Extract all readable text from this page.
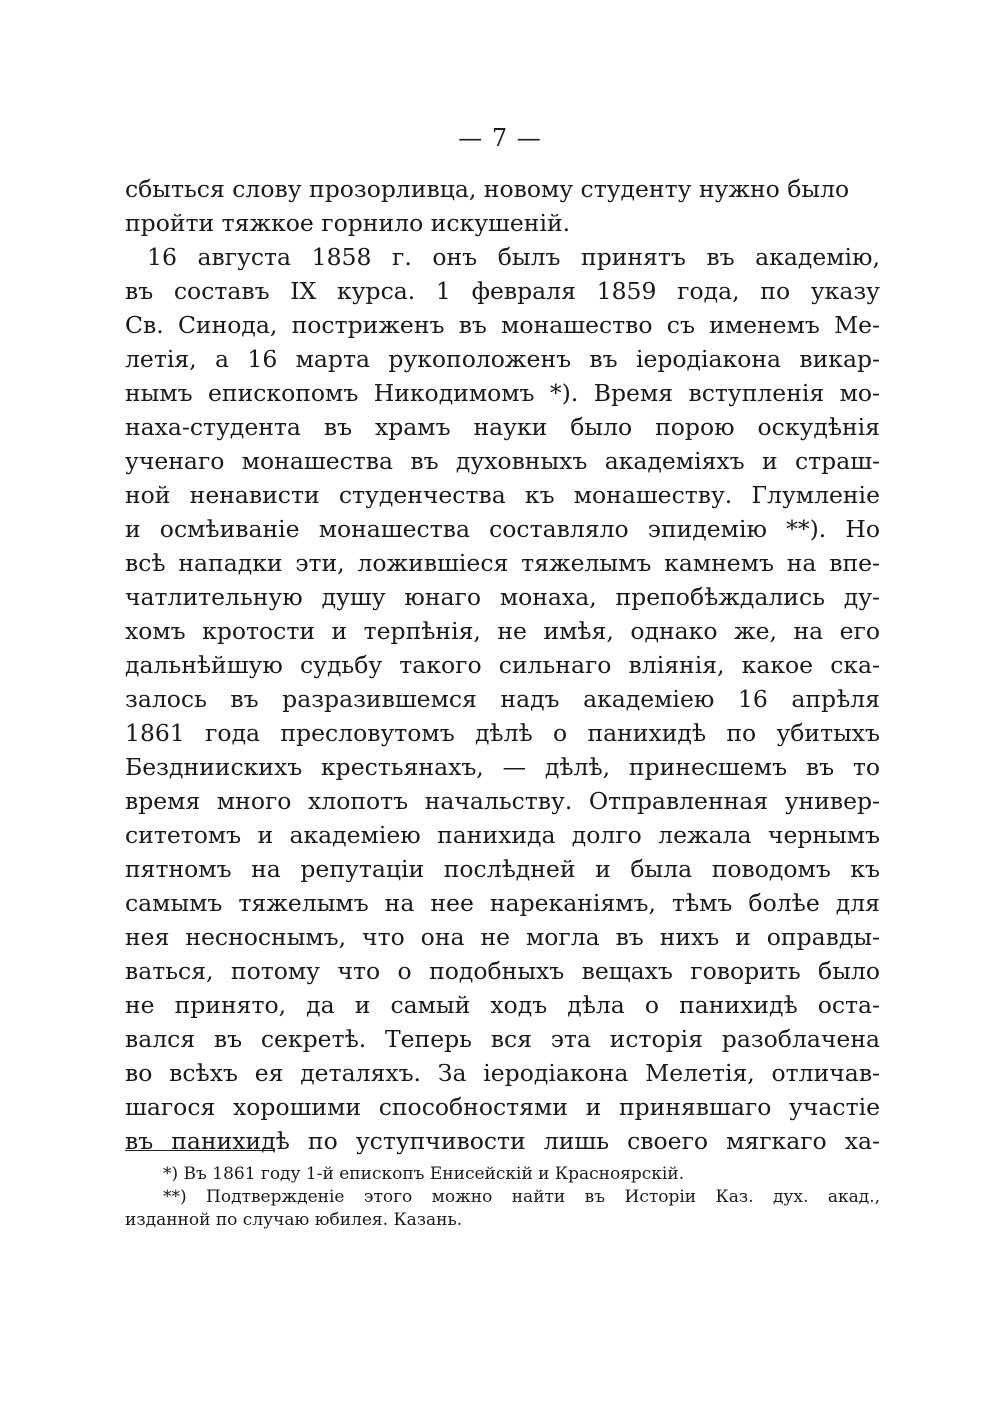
— 7 —
сбыться слову прозорливца, новому студенту нужно было
пройти тяжкое горнило искушеній.
16 августа 1858 г. онъ былъ принятъ въ академію,
въ составъ IX курса. 1 февраля 1859 года, по указу
Св. Синода, постриженъ въ монашество съ именемъ Ме-
летія, а 16 марта рукоположенъ въ іеродіакона викар-
нымъ епископомъ Никодимомъ *). Время вступленія мо-
наха-студента въ храмъ науки было порою оскудѣнія
ученаго монашества въ духовныхъ академіяхъ и страш-
ной ненависти студенчества къ монашеству. Глумленіе
и осмѣиваніе монашества составляло эпидемію **). Но
всѣ нападки эти, ложившіеся тяжелымъ камнемъ на впе-
чатлительную душу юнаго монаха, препобѣждались ду-
хомъ кротости и терпѣнія, не имѣя, однако же, на его
дальнѣйшую судьбу такого сильнаго вліянія, какое ска-
залось въ разразившемся надъ академіею 16 апрѣля
1861 года пресловутомъ дѣлѣ о панихидѣ по убитыхъ
Бездниискихъ крестьянахъ, — дѣлѣ, принесшемъ въ то
время много хлопотъ начальству. Отправленная универ-
ситетомъ и академіею панихида долго лежала чернымъ
пятномъ на репутаціи послѣдней и была поводомъ къ
самымъ тяжелымъ на нее нареканіямъ, тѣмъ болѣе для
нея несноснымъ, что она не могла въ нихъ и оправды-
ваться, потому что о подобныхъ вещахъ говорить было
не принято, да и самый ходъ дѣла о панихидѣ оста-
вался въ секретѣ. Теперь вся эта исторія разоблачена
во всѣхъ ея деталяхъ. За іеродіакона Мелетія, отличав-
шагося хорошими способностями и принявшаго участіе
въ панихидѣ по уступчивости лишь своего мягкаго ха-
*) Въ 1861 году 1-й епископъ Енисейскій и Красноярскій.
**) Подтвержденіе этого можно найти въ Исторіи Каз. дух. акад.,
изданной по случаю юбилея. Казань.
